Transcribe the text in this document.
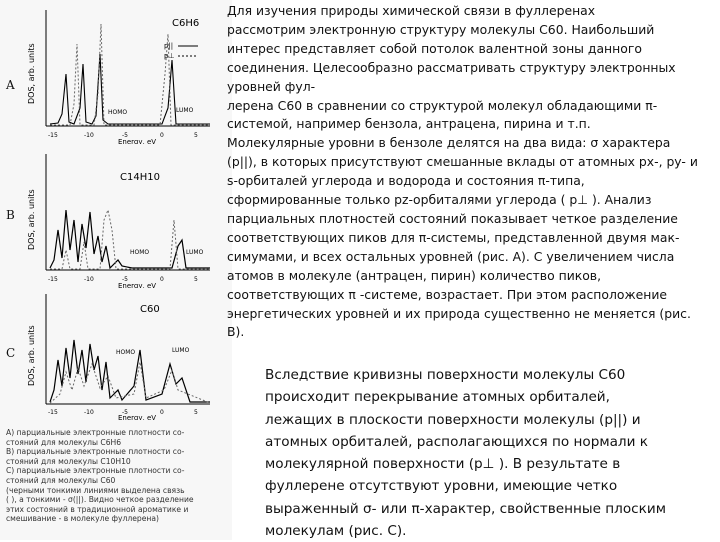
A DOS, arb. units
C6H6
p||
p⊥
HOMO	LUMO
-15	-10	-5	0	5
Energy, eV
B DOS, arb. units
C14H10
HOMO	LUMO
-15	-10	-5	0	5
Energy, eV
C DOS, arb. units
C60
HOMO	LUMO
-15	-10	-5	0	5
Energy, eV
A) парциальные электронные плотности со-
стояний для молекулы C6H6
B) парциальные электронные плотности со-
стояний для молекулы C10H10
C) парциальные электронные плотности со-
стояний для молекулы C60
(черными тонкими линиями выделена связь
( ), а тонкими - σ(||). Видно четкое разделение
этих состояний в традиционной ароматике и
смешивание - в молекуле фуллерена)
Для изучения природы химической связи в фуллеренах
рассмотрим электронную структуру молекулы С60. Наибольший
интерес представляет собой потолок валентной зоны данного
соединения. Целесообразно рассматривать структуру электронных
уровней фул-
лерена С60 в сравнении со структурой молекул обладающими π-
системой, например бензола, антрацена, пирина и т.п.
Молекулярные уровни в бензоле делятся на два вида: σ характера
(р||), в которых присутствуют смешанные вклады от атомных px-, py- и
s-орбиталей углерода и водорода и состояния π-типа,
сформированные только pz-орбиталями углерода ( р⊥ ). Анализ
парциальных плотностей состояний показывает четкое разделение
соответствующих пиков для π-системы, представленной двумя мак-
симумами, и всех остальных уровней (рис. А). С увеличением числа
атомов в молекуле (антрацен, пирин) количество пиков,
соответствующих π -системе, возрастает. При этом расположение
энергетических уровней и их природа существенно не меняется (рис.
В).
Вследствие кривизны поверхности молекулы С60
происходит перекрывание атомных орбиталей,
лежащих в плоскости поверхности молекулы (р||) и
атомных орбиталей, располагающихся по нормали к
молекулярной поверхности (р⊥ ). В результате в
фуллерене отсутствуют уровни, имеющие четко
выраженный σ- или π-характер, свойственные плоским
молекулам (рис. С).
